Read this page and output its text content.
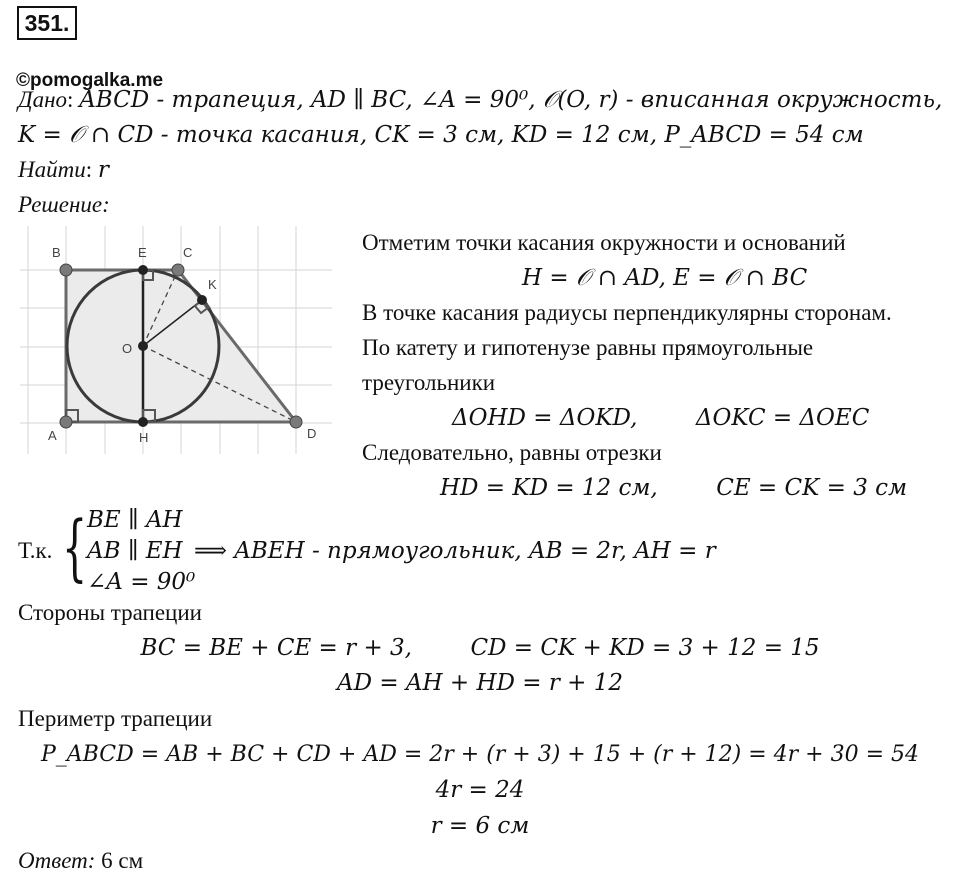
351.
©pomogalka.me
Дано: ABCD - трапеция, AD ∥ BC, ∠A = 90⁰, 𝒪(O, r) - вписанная окружность,
K = 𝒪 ∩ CD - точка касания, CK = 3 см, KD = 12 см, P_ABCD = 54 см
Найти: r
Решение:
B	E	C
K
O
A	H	D
Отметим точки касания окружности и оснований
H = 𝒪 ∩ AD, E = 𝒪 ∩ BC
В точке касания радиусы перпендикулярны сторонам.
По катету и гипотенузе равны прямоугольные
треугольники
ΔOHD = ΔOKD,        ΔOKC = ΔOEC
Следовательно, равны отрезки
HD = KD = 12 см,        CE = CK = 3 см
Т.к. { BE ∥ AH
AB ∥ EH
∠A = 90⁰
⟹ ABEH - прямоугольник, AB = 2r, AH = r
Стороны трапеции
BC = BE + CE = r + 3,        CD = CK + KD = 3 + 12 = 15
AD = AH + HD = r + 12
Периметр трапеции
P_ABCD = AB + BC + CD + AD = 2r + (r + 3) + 15 + (r + 12) = 4r + 30 = 54
4r = 24
r = 6 см
Ответ: 6 см
